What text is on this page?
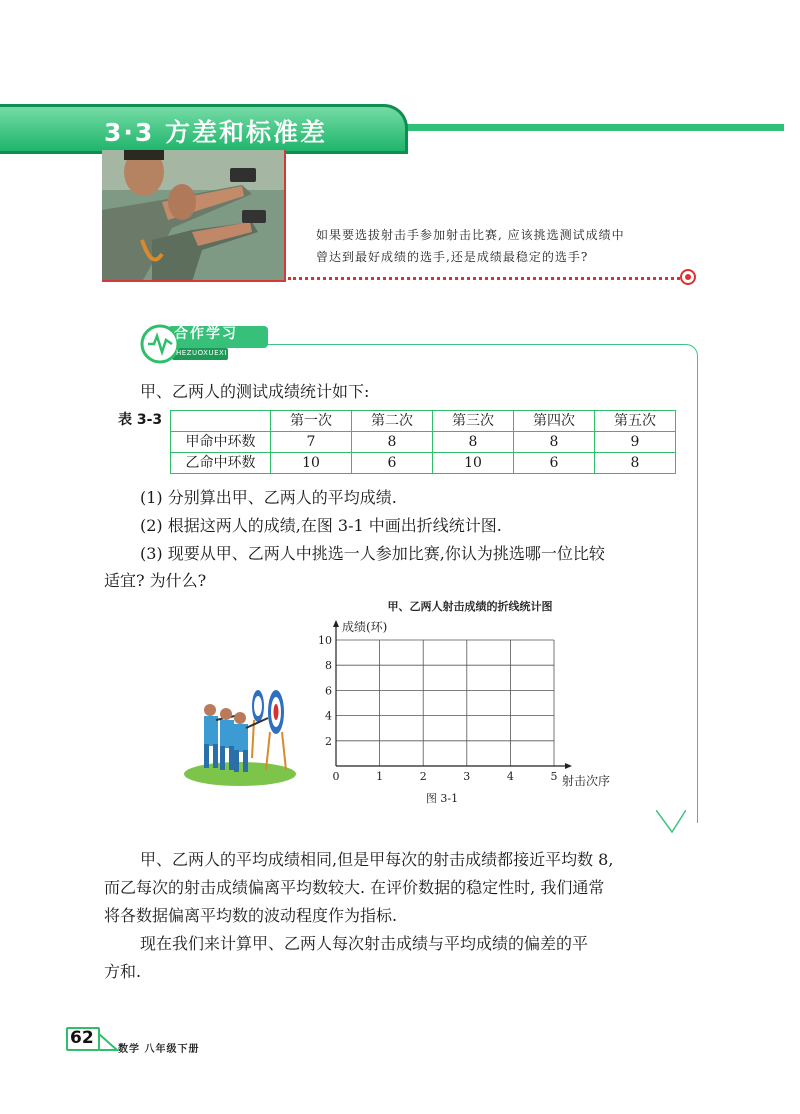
3·3 方差和标准差
如果要选拔射击手参加射击比赛, 应该挑选测试成绩中
曾达到最好成绩的选手,还是成绩最稳定的选手?
合作学习
HEZUOXUEXI
甲、乙两人的测试成绩统计如下:
表 3-3
		第一次	第二次	第三次	第四次	第五次
甲命中环数	7	8	8	8	9
乙命中环数	10	6	10	6	8
(1) 分别算出甲、乙两人的平均成绩.
(2) 根据这两人的成绩,在图 3-1 中画出折线统计图.
(3) 现要从甲、乙两人中挑选一人参加比赛,你认为挑选哪一位比较
适宜? 为什么?
甲、乙两人射击成绩的折线统计图
成绩(环)
射击次序
图 3-1
0	1	2	3	4	5
2
4
6
8
10
甲、乙两人的平均成绩相同,但是甲每次的射击成绩都接近平均数 8,
而乙每次的射击成绩偏离平均数较大. 在评价数据的稳定性时, 我们通常
将各数据偏离平均数的波动程度作为指标.
现在我们来计算甲、乙两人每次射击成绩与平均成绩的偏差的平
方和.
62
数学 八年级下册
